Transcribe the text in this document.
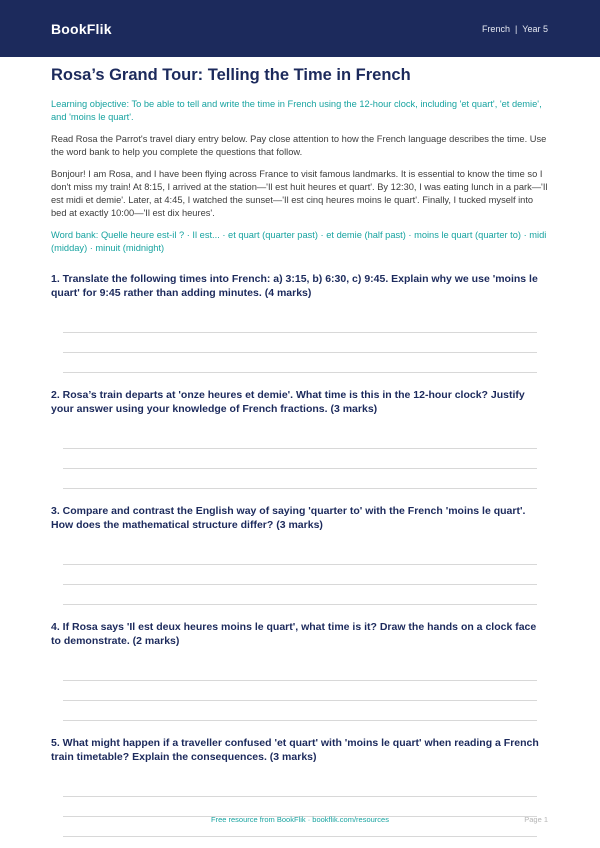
BookFlik	French | Year 5
Rosa’s Grand Tour: Telling the Time in French
Learning objective: To be able to tell and write the time in French using the 12-hour clock, including 'et quart', 'et demie', and 'moins le quart'.
Read Rosa the Parrot's travel diary entry below. Pay close attention to how the French language describes the time. Use the word bank to help you complete the questions that follow.
Bonjour! I am Rosa, and I have been flying across France to visit famous landmarks. It is essential to know the time so I don't miss my train! At 8:15, I arrived at the station—'Il est huit heures et quart'. By 12:30, I was eating lunch in a park—'Il est midi et demie'. Later, at 4:45, I watched the sunset—'Il est cinq heures moins le quart'. Finally, I tucked myself into bed at exactly 10:00—'Il est dix heures'.
Word bank: Quelle heure est-il ? · Il est... · et quart (quarter past) · et demie (half past) · moins le quart (quarter to) · midi (midday) · minuit (midnight)
1. Translate the following times into French: a) 3:15, b) 6:30, c) 9:45. Explain why we use 'moins le quart' for 9:45 rather than adding minutes. (4 marks)
2. Rosa’s train departs at 'onze heures et demie'. What time is this in the 12-hour clock? Justify your answer using your knowledge of French fractions. (3 marks)
3. Compare and contrast the English way of saying 'quarter to' with the French 'moins le quart'. How does the mathematical structure differ? (3 marks)
4. If Rosa says 'Il est deux heures moins le quart', what time is it? Draw the hands on a clock face to demonstrate. (2 marks)
5. What might happen if a traveller confused 'et quart' with 'moins le quart' when reading a French train timetable? Explain the consequences. (3 marks)
Free resource from BookFlik · bookflik.com/resources	Page 1
